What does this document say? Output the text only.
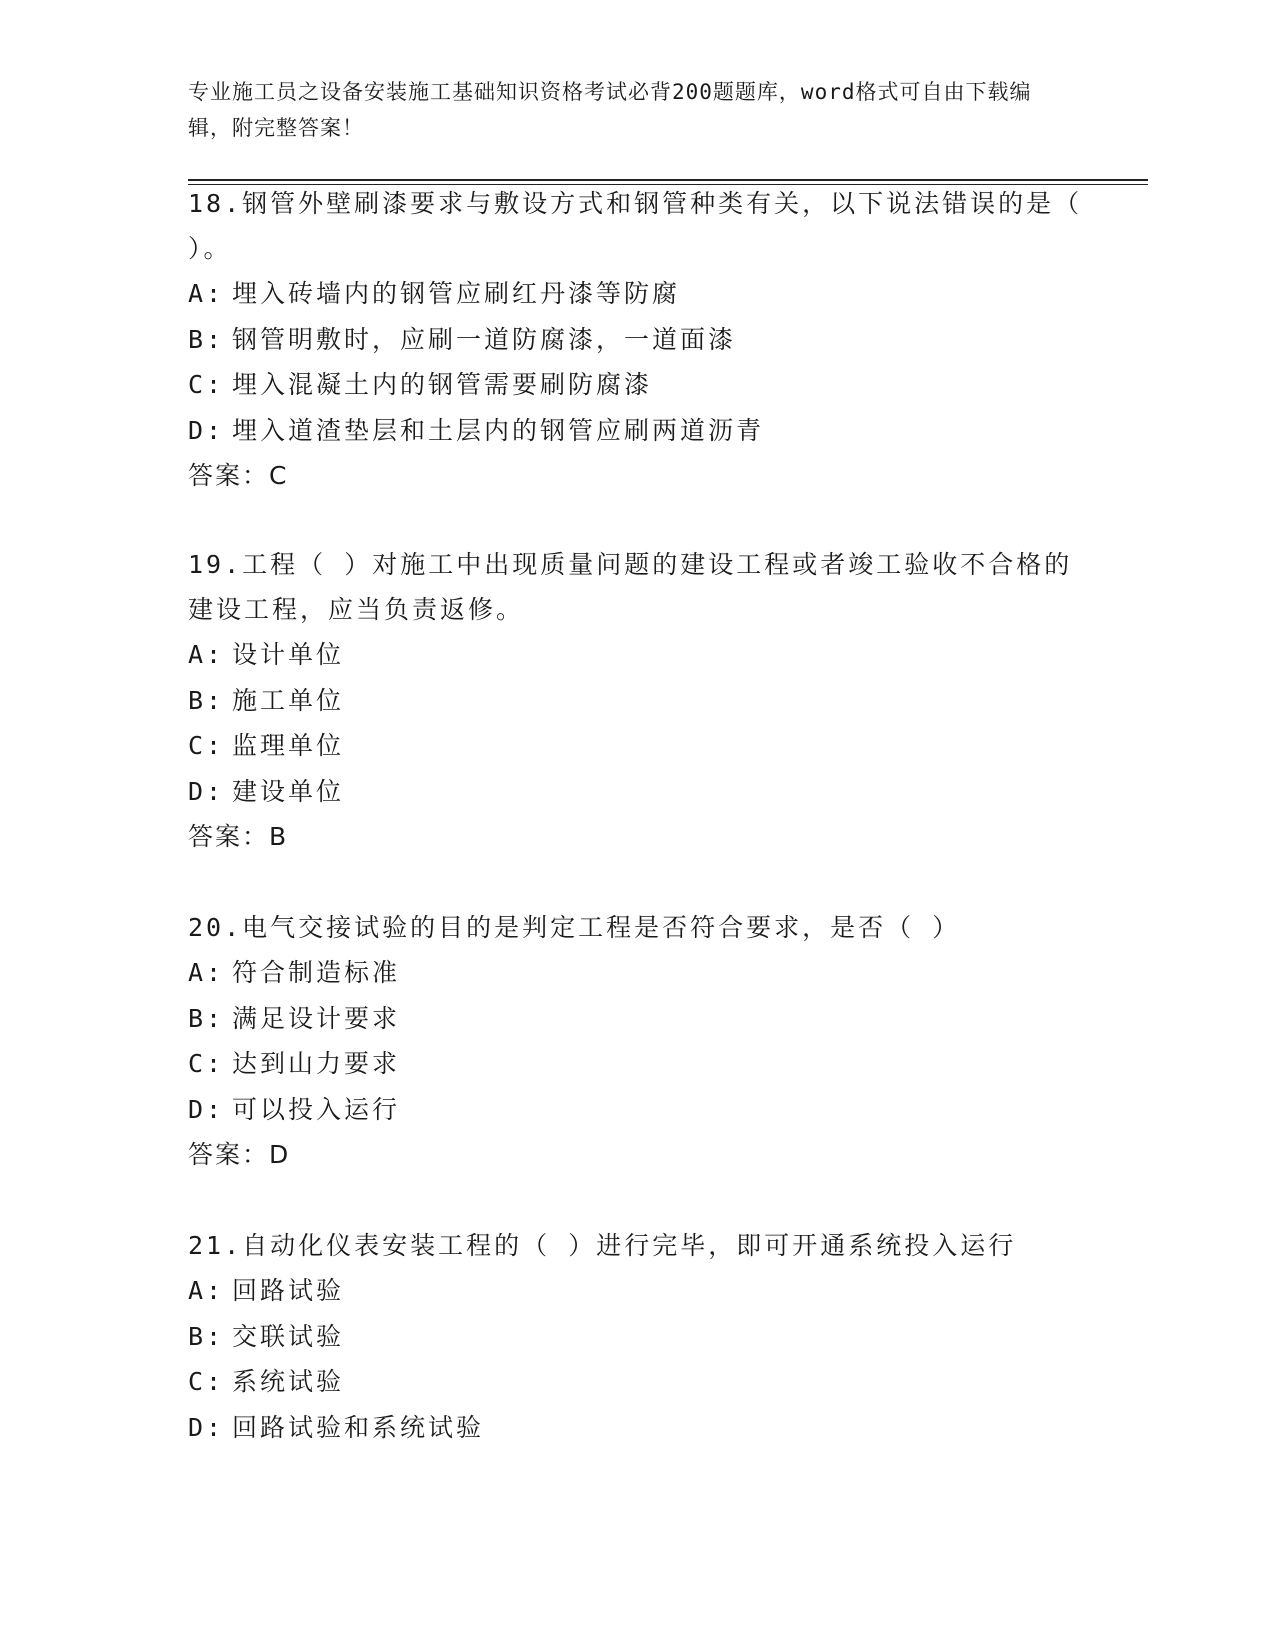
专业施工员之设备安装施工基础知识资格考试必背200题题库，word格式可自由下载编辑，附完整答案！

18.钢管外壁刷漆要求与敷设方式和钢管种类有关，以下说法错误的是（ ）。

A: 埋入砖墙内的钢管应刷红丹漆等防腐

B: 钢管明敷时，应刷一道防腐漆，一道面漆

C: 埋入混凝土内的钢管需要刷防腐漆

D: 埋入道渣垫层和土层内的钢管应刷两道沥青

答案：C

19.工程（ ）对施工中出现质量问题的建设工程或者竣工验收不合格的建设工程，应当负责返修。

A: 设计单位

B: 施工单位

C: 监理单位

D: 建设单位

答案：B

20.电气交接试验的目的是判定工程是否符合要求，是否（ ）

A: 符合制造标准

B: 满足设计要求

C: 达到山力要求

D: 可以投入运行

答案：D

21.自动化仪表安装工程的（ ）进行完毕，即可开通系统投入运行

A: 回路试验

B: 交联试验

C: 系统试验

D: 回路试验和系统试验
